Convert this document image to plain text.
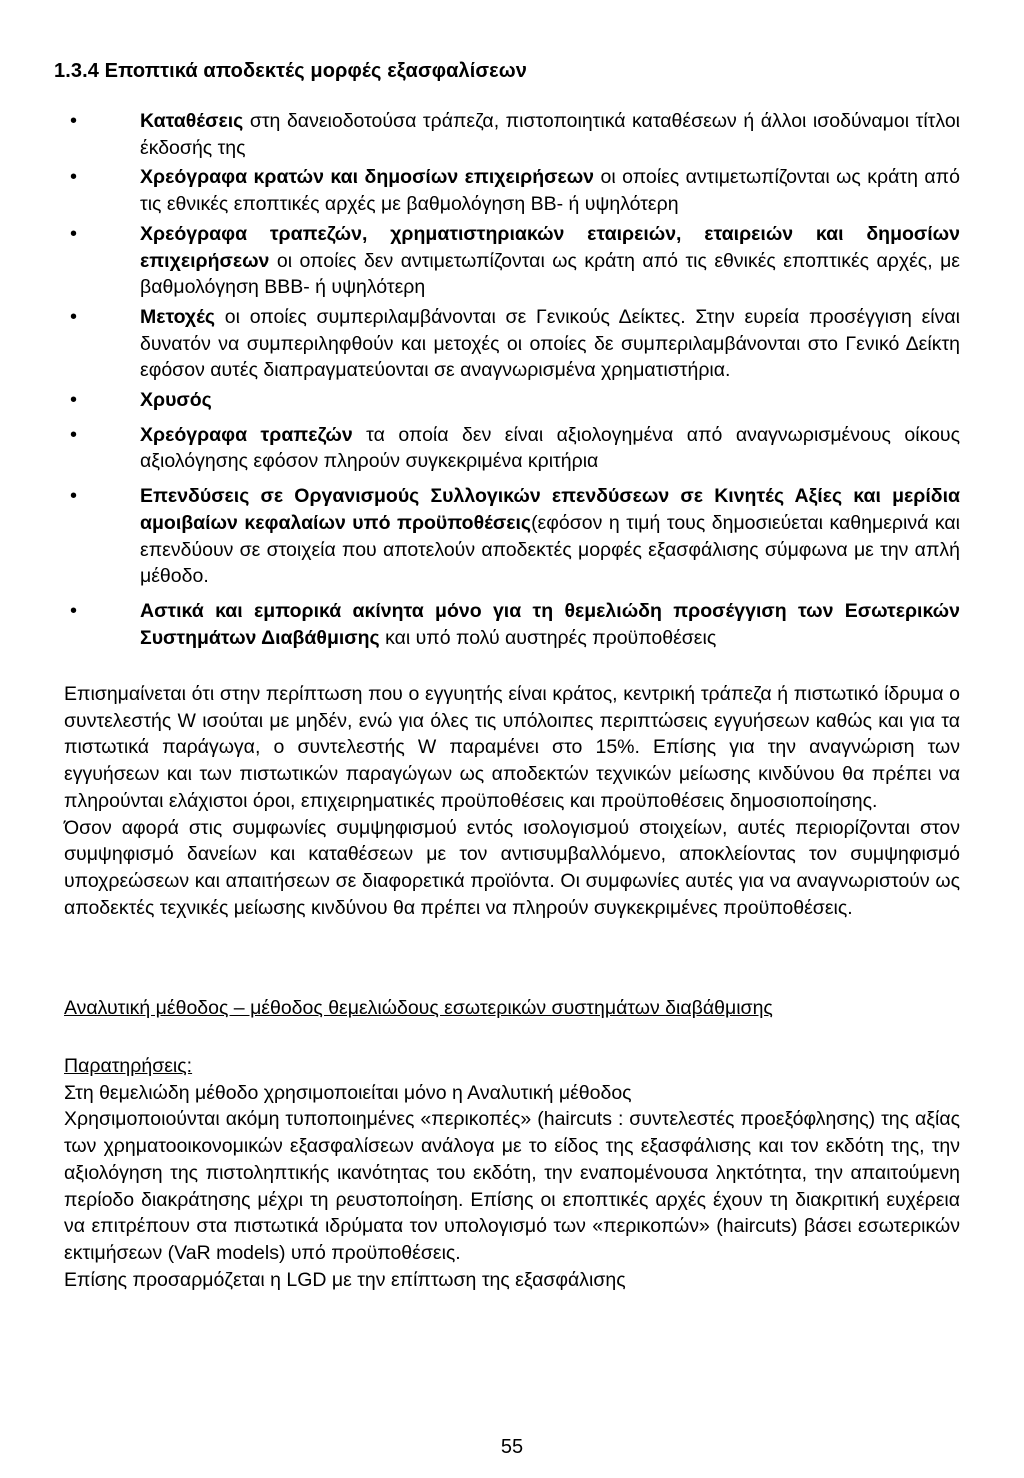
1.3.4 Εποπτικά αποδεκτές μορφές εξασφαλίσεων
•	Καταθέσεις στη δανειοδοτούσα τράπεζα, πιστοποιητικά καταθέσεων ή άλλοι ισοδύναμοι τίτλοι έκδοσής της
•	Χρεόγραφα κρατών και δημοσίων επιχειρήσεων οι οποίες αντιμετωπίζονται ως κράτη από τις εθνικές εποπτικές αρχές με βαθμολόγηση ΒΒ- ή υψηλότερη
•	Χρεόγραφα τραπεζών, χρηματιστηριακών εταιρειών, εταιρειών και δημοσίων επιχειρήσεων οι οποίες δεν αντιμετωπίζονται ως κράτη από τις εθνικές εποπτικές αρχές, με βαθμολόγηση ΒΒΒ- ή υψηλότερη
•	Μετοχές οι οποίες συμπεριλαμβάνονται σε Γενικούς Δείκτες. Στην ευρεία προσέγγιση είναι δυνατόν να συμπεριληφθούν και μετοχές οι οποίες δε συμπεριλαμβάνονται στο Γενικό Δείκτη εφόσον αυτές διαπραγματεύονται σε αναγνωρισμένα χρηματιστήρια.
•	Χρυσός
•	Χρεόγραφα τραπεζών τα οποία δεν είναι αξιολογημένα από αναγνωρισμένους οίκους αξιολόγησης εφόσον πληρούν συγκεκριμένα κριτήρια
•	Επενδύσεις σε Οργανισμούς Συλλογικών επενδύσεων σε Κινητές Αξίες και μερίδια αμοιβαίων κεφαλαίων υπό προϋποθέσεις(εφόσον η τιμή τους δημοσιεύεται καθημερινά και επενδύουν σε στοιχεία που αποτελούν αποδεκτές μορφές εξασφάλισης σύμφωνα με την απλή μέθοδο.
•	Αστικά και εμπορικά ακίνητα μόνο για τη θεμελιώδη προσέγγιση των Εσωτερικών Συστημάτων Διαβάθμισης και υπό πολύ αυστηρές προϋποθέσεις

Επισημαίνεται ότι στην περίπτωση που ο εγγυητής είναι κράτος, κεντρική τράπεζα ή πιστωτικό ίδρυμα ο συντελεστής W ισούται με μηδέν, ενώ για όλες τις υπόλοιπες περιπτώσεις εγγυήσεων καθώς και για τα πιστωτικά παράγωγα, ο συντελεστής W παραμένει στο 15%. Επίσης για την αναγνώριση των εγγυήσεων και των πιστωτικών παραγώγων ως αποδεκτών τεχνικών μείωσης κινδύνου θα πρέπει να πληρούνται ελάχιστοι όροι, επιχειρηματικές προϋποθέσεις και προϋποθέσεις δημοσιοποίησης.

Όσον αφορά στις συμφωνίες συμψηφισμού εντός ισολογισμού στοιχείων, αυτές περιορίζονται στον συμψηφισμό δανείων και καταθέσεων με τον αντισυμβαλλόμενο, αποκλείοντας τον συμψηφισμό υποχρεώσεων και απαιτήσεων σε διαφορετικά προϊόντα. Οι συμφωνίες αυτές για να αναγνωριστούν ως αποδεκτές τεχνικές μείωσης κινδύνου θα πρέπει να πληρούν συγκεκριμένες προϋποθέσεις.

Αναλυτική μέθοδος – μέθοδος θεμελιώδους εσωτερικών συστημάτων διαβάθμισης
Παρατηρήσεις:

Στη θεμελιώδη μέθοδο χρησιμοποιείται μόνο η Αναλυτική μέθοδος

Χρησιμοποιούνται ακόμη τυποποιημένες «περικοπές» (haircuts : συντελεστές προεξόφλησης) της αξίας των χρηματοοικονομικών εξασφαλίσεων ανάλογα με το είδος της εξασφάλισης και τον εκδότη της, την αξιολόγηση της πιστοληπτικής ικανότητας του εκδότη, την εναπομένουσα ληκτότητα, την απαιτούμενη περίοδο διακράτησης μέχρι τη ρευστοποίηση. Επίσης οι εποπτικές αρχές έχουν τη διακριτική ευχέρεια να επιτρέπουν στα πιστωτικά ιδρύματα τον υπολογισμό των «περικοπών» (haircuts) βάσει εσωτερικών εκτιμήσεων (VaR models) υπό προϋποθέσεις.

Επίσης προσαρμόζεται η LGD με την επίπτωση της εξασφάλισης

55
